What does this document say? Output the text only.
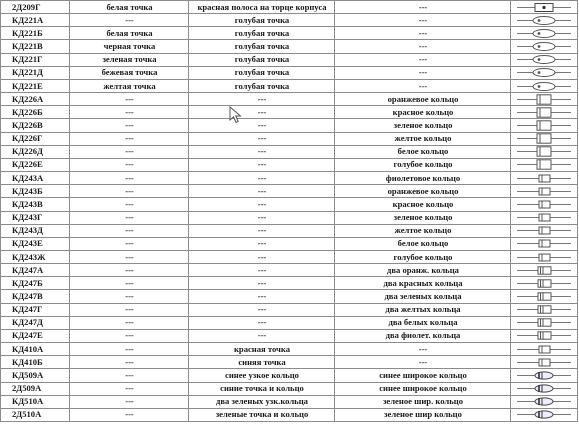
2Д209Г	белая точка	красная полоса на торце корпуса	---	

КД221А	---	голубая точка	---	

КД221Б	белая точка	голубая точка	---	

КД221В	черная точка	голубая точка	---	

КД221Г	зеленая точка	голубая точка	---	

КД221Д	бежевая точка	голубая точка	---	

КД221Е	желтая точка	голубая точка	---	

КД226А	---	---	оранжевое кольцо	

КД226Б	---	---	красное кольцо	

КД226В	---	---	зеленое кольцо	

КД226Г	---	---	желтое кольцо	

КД226Д	---	---	белое кольцо	

КД226Е	---	---	голубое кольцо	

КД243А	---	---	фиолетовое кольцо	

КД243Б	---	---	оранжевое кольцо	

КД243В	---	---	красное кольцо	

КД243Г	---	---	зеленое кольцо	

КД243Д	---	---	желтое кольцо	

КД243Е	---	---	белое кольцо	

КД243Ж	---	---	голубое кольцо	

КД247А	---	---	два оранж. кольца	

КД247Б	---	---	два красных кольца	

КД247В	---	---	два зеленых кольца	

КД247Г	---	---	два желтых кольца	

КД247Д	---	---	два белых кольца	

КД247Е	---	---	два фиолет. кольца	

КД410А	---	красная точка	---	

КД410Б	---	синяя точка	---	

КД509А	---	синее узкое кольцо	синее широкое кольцо	

2Д509А	---	синие точка и кольцо	синее широкое кольцо	

КД510А	---	два зеленых узк.кольца	зеленое шир. кольцо	

2Д510А	---	зеленые точка и кольцо	зеленое шир кольцо	
